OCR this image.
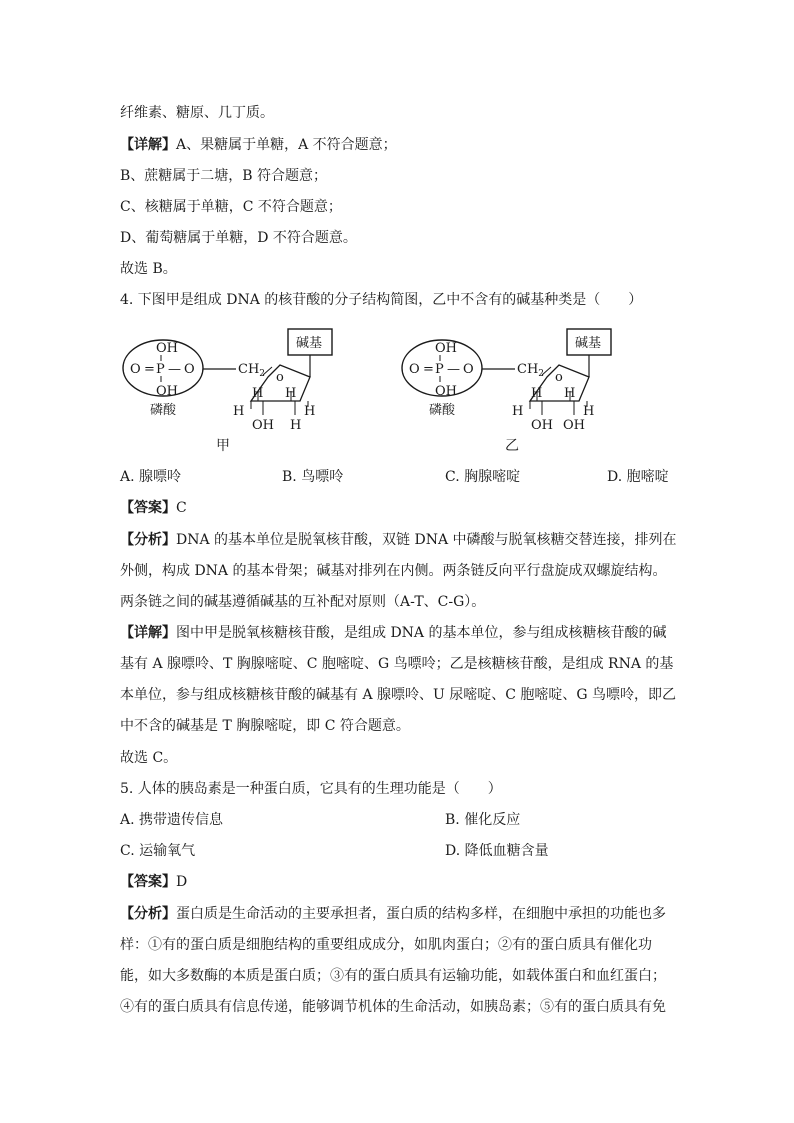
纤维素、糖原、几丁质。
【详解】A、果糖属于单糖，A 不符合题意；
B、蔗糖属于二塘，B 符合题意；
C、核糖属于单糖，C 不符合题意；
D、葡萄糖属于单糖，D 不符合题意。
故选 B。
4. 下图甲是组成 DNA 的核苷酸的分子结构简图，乙中不含有的碱基种类是（　　）
OH
O = P — O
OH
磷酸
$CH_2$ o
碱基
H
H H
H
OH H
甲
OH
O = P — O
OH
磷酸
$CH_2$ o
碱基
H
H H
H
OH OH
乙
A. 腺嘌呤	B. 鸟嘌呤	C. 胸腺嘧啶	D. 胞嘧啶
【答案】C
【分析】DNA 的基本单位是脱氧核苷酸，双链 DNA 中磷酸与脱氧核糖交替连接，排列在
外侧，构成 DNA 的基本骨架；碱基对排列在内侧。两条链反向平行盘旋成双螺旋结构。
两条链之间的碱基遵循碱基的互补配对原则（A-T、C-G）。
【详解】图中甲是脱氧核糖核苷酸，是组成 DNA 的基本单位，参与组成核糖核苷酸的碱
基有 A 腺嘌呤、T 胸腺嘧啶、C 胞嘧啶、G 鸟嘌呤；乙是核糖核苷酸，是组成 RNA 的基
本单位，参与组成核糖核苷酸的碱基有 A 腺嘌呤、U 尿嘧啶、C 胞嘧啶、G 鸟嘌呤，即乙
中不含的碱基是 T 胸腺嘧啶，即 C 符合题意。
故选 C。
5. 人体的胰岛素是一种蛋白质，它具有的生理功能是（　　）
A. 携带遗传信息	B. 催化反应
C. 运输氧气	D. 降低血糖含量
【答案】D
【分析】蛋白质是生命活动的主要承担者，蛋白质的结构多样，在细胞中承担的功能也多
样：①有的蛋白质是细胞结构的重要组成成分，如肌肉蛋白；②有的蛋白质具有催化功
能，如大多数酶的本质是蛋白质；③有的蛋白质具有运输功能，如载体蛋白和血红蛋白；
④有的蛋白质具有信息传递，能够调节机体的生命活动，如胰岛素；⑤有的蛋白质具有免
